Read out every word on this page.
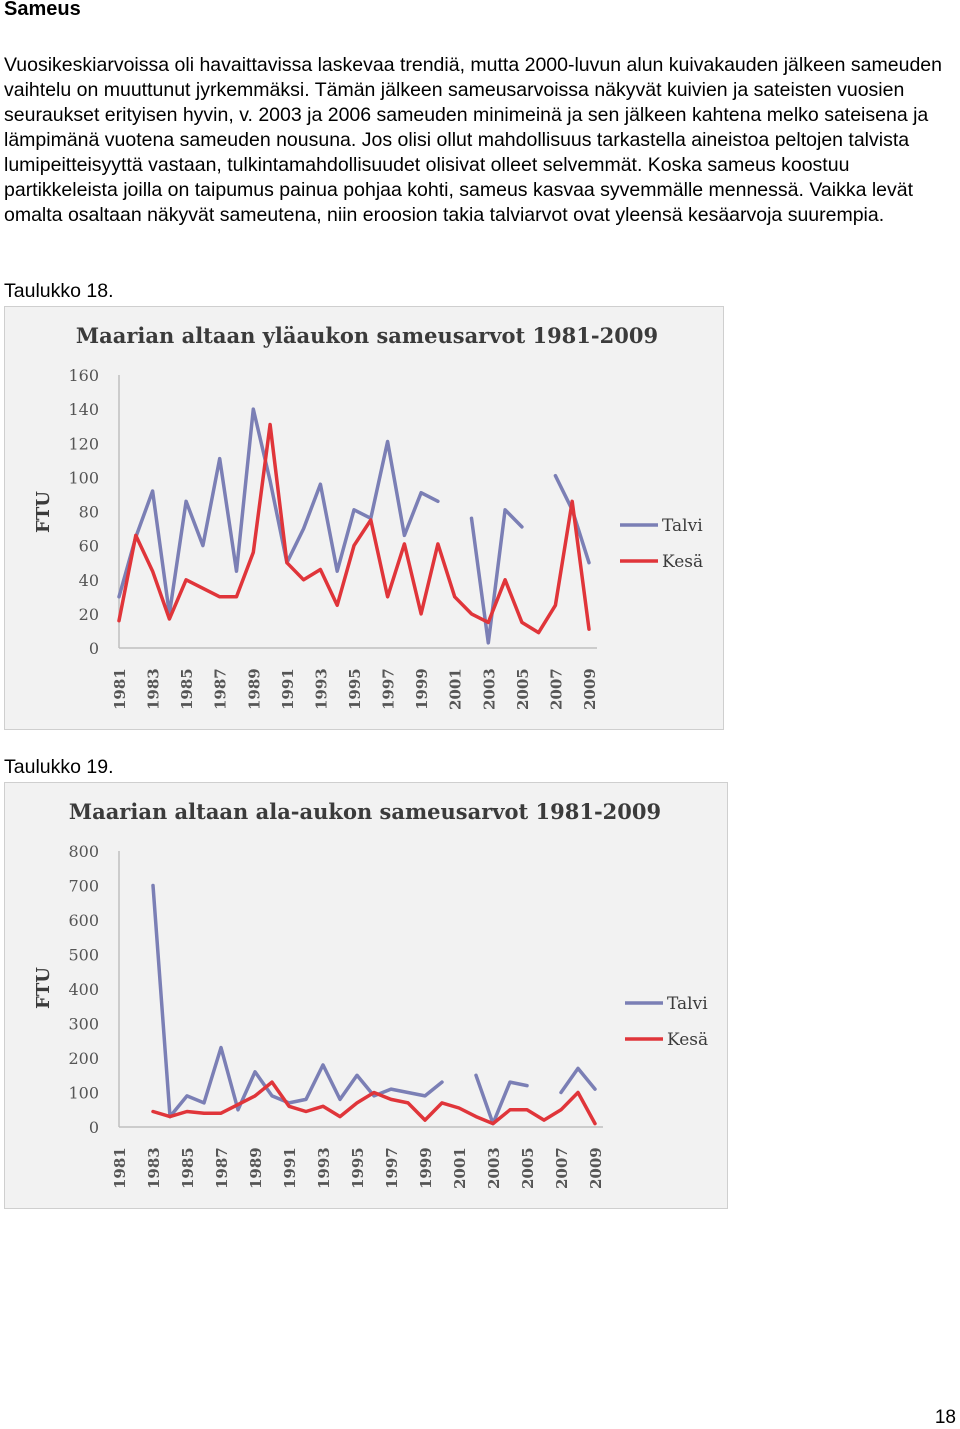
Sameus
Vuosikeskiarvoissa oli havaittavissa laskevaa trendiä, mutta 2000-luvun alun kuivakauden jälkeen sameuden vaihtelu on muuttunut jyrkemmäksi. Tämän jälkeen sameusarvoissa näkyvät kuivien ja sateisten vuosien seuraukset erityisen hyvin, v. 2003 ja 2006 sameuden minimeinä ja sen jälkeen kahtena melko sateisena ja lämpimänä vuotena sameuden nousuna. Jos olisi ollut mahdollisuus tarkastella aineistoa peltojen talvista lumipeitteisyyttä vastaan, tulkintamahdollisuudet olisivat olleet selvemmät. Koska sameus koostuu partikkeleista joilla on taipumus painua pohjaa kohti, sameus kasvaa syvemmälle mennessä. Vaikka levät omalta osaltaan näkyvät sameutena, niin eroosion takia talviarvot ovat yleensä kesäarvoja suurempia.
Taulukko 18.
Maarian altaan yläaukon sameusarvot 1981-2009
FTU
0
20
40
60
80
100
120
140
160
1981 1983 1985 1987 1989 1991 1993 1995 1997 1999 2001 2003 2005 2007 2009
Talvi
Kesä
Taulukko 19.
Maarian altaan ala-aukon sameusarvot 1981-2009
FTU
0
100
200
300
400
500
600
700
800
1981 1983 1985 1987 1989 1991 1993 1995 1997 1999 2001 2003 2005 2007 2009
Talvi
Kesä
18
